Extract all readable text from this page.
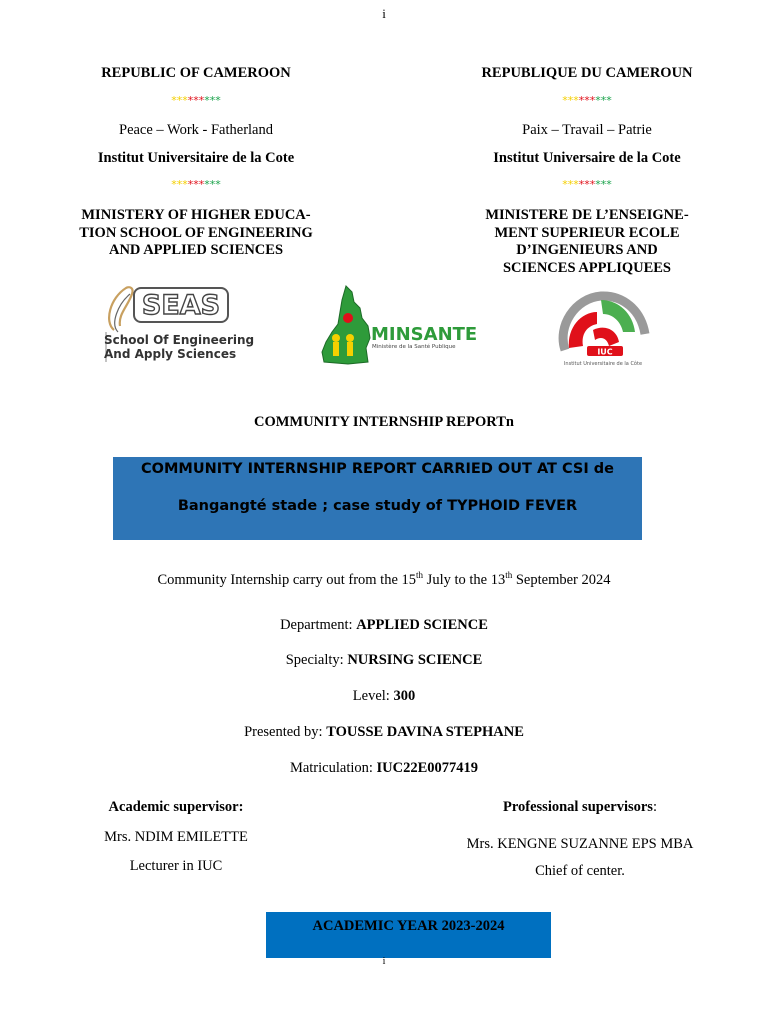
i
REPUBLIC OF CAMEROON
*********
Peace – Work - Fatherland
Institut Universitaire de la Cote
*********
MINISTERY OF HIGHER EDUCA-
TION SCHOOL OF ENGINEERING
AND APPLIED SCIENCES
REPUBLIQUE DU CAMEROUN
*********
Paix – Travail – Patrie
Institut Universaire de la Cote
*********
MINISTERE DE L’ENSEIGNE-
MENT SUPERIEUR ECOLE
D’INGENIEURS AND
SCIENCES APPLIQUEES
SEAS
School Of Engineering
And Apply Sciences
MINSANTE
Ministère de la Santé Publique
IUC
Institut Universitaire de la Côte
COMMUNITY INTERNSHIP REPORTn
COMMUNITY INTERNSHIP REPORT CARRIED OUT AT CSI de
Bangangté stade ; case study of TYPHOID FEVER
Community Internship carry out from the 15th July to the 13th September 2024
Department: APPLIED SCIENCE
Specialty: NURSING SCIENCE
Level: 300
Presented by: TOUSSE DAVINA STEPHANE
Matriculation: IUC22E0077419
Academic supervisor:
Mrs. NDIM EMILETTE
Lecturer in IUC
Professional supervisors:
Mrs. KENGNE SUZANNE EPS MBA
Chief of center.
ACADEMIC YEAR 2023-2024
i
